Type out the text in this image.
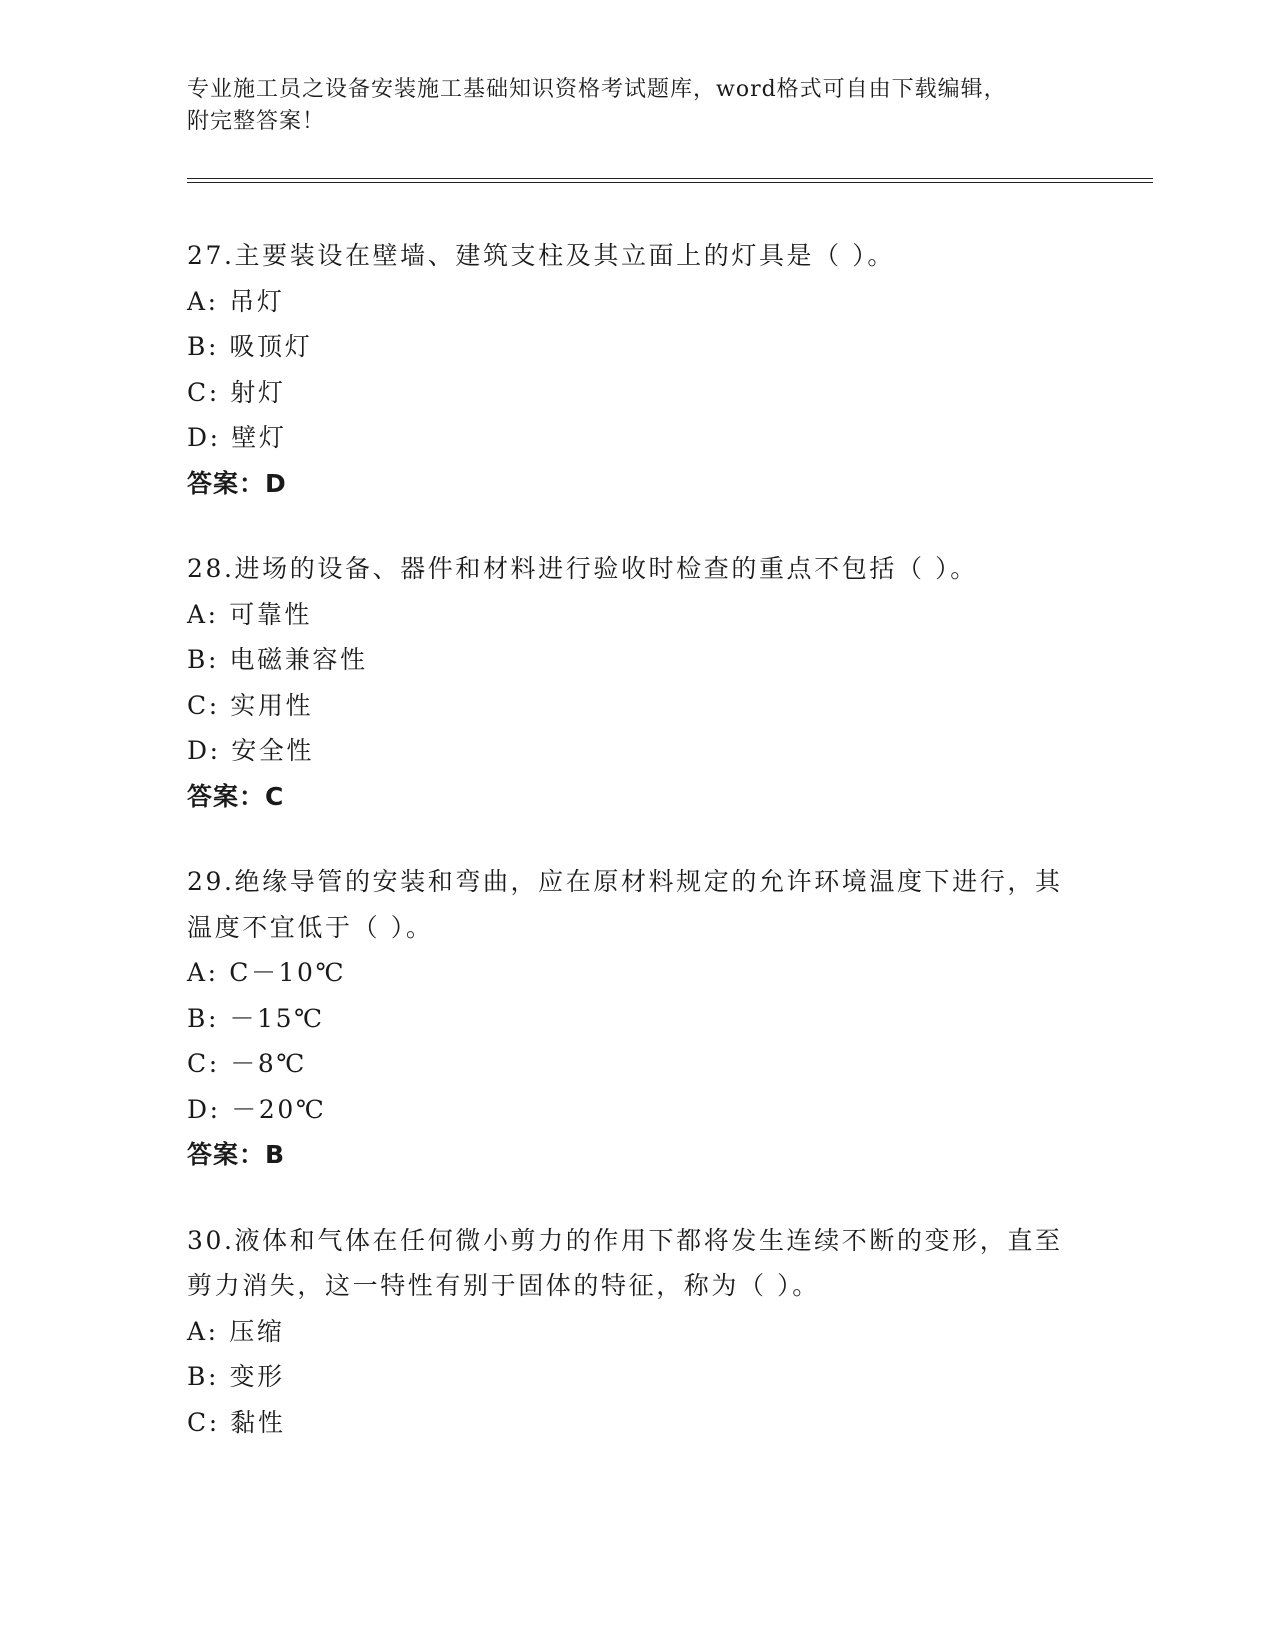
专业施工员之设备安装施工基础知识资格考试题库，word格式可自由下载编辑，
附完整答案！
27.主要装设在壁墙、建筑支柱及其立面上的灯具是（ ）。
A: 吊灯
B: 吸顶灯
C: 射灯
D: 壁灯
答案：D
28.进场的设备、器件和材料进行验收时检查的重点不包括（ ）。
A: 可靠性
B: 电磁兼容性
C: 实用性
D: 安全性
答案：C
29.绝缘导管的安装和弯曲，应在原材料规定的允许环境温度下进行，其温度不宜低于（ ）。
A: C－10℃
B: －15℃
C: －8℃
D: －20℃
答案：B
30.液体和气体在任何微小剪力的作用下都将发生连续不断的变形，直至剪力消失，这一特性有别于固体的特征，称为（ ）。
A: 压缩
B: 变形
C: 黏性
